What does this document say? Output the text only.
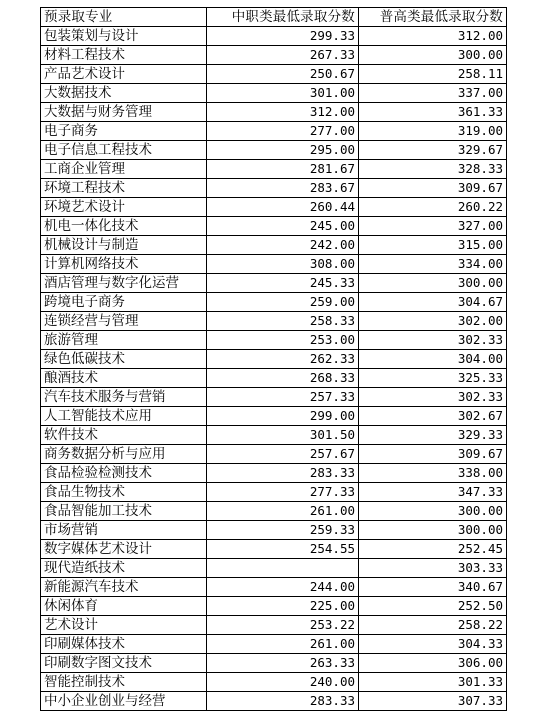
预录取专业	中职类最低录取分数	普高类最低录取分数
包装策划与设计	299.33	312.00
材料工程技术	267.33	300.00
产品艺术设计	250.67	258.11
大数据技术	301.00	337.00
大数据与财务管理	312.00	361.33
电子商务	277.00	319.00
电子信息工程技术	295.00	329.67
工商企业管理	281.67	328.33
环境工程技术	283.67	309.67
环境艺术设计	260.44	260.22
机电一体化技术	245.00	327.00
机械设计与制造	242.00	315.00
计算机网络技术	308.00	334.00
酒店管理与数字化运营	245.33	300.00
跨境电子商务	259.00	304.67
连锁经营与管理	258.33	302.00
旅游管理	253.00	302.33
绿色低碳技术	262.33	304.00
酿酒技术	268.33	325.33
汽车技术服务与营销	257.33	302.33
人工智能技术应用	299.00	302.67
软件技术	301.50	329.33
商务数据分析与应用	257.67	309.67
食品检验检测技术	283.33	338.00
食品生物技术	277.33	347.33
食品智能加工技术	261.00	300.00
市场营销	259.33	300.00
数字媒体艺术设计	254.55	252.45
现代造纸技术		303.33
新能源汽车技术	244.00	340.67
休闲体育	225.00	252.50
艺术设计	253.22	258.22
印刷媒体技术	261.00	304.33
印刷数字图文技术	263.33	306.00
智能控制技术	240.00	301.33
中小企业创业与经营	283.33	307.33
